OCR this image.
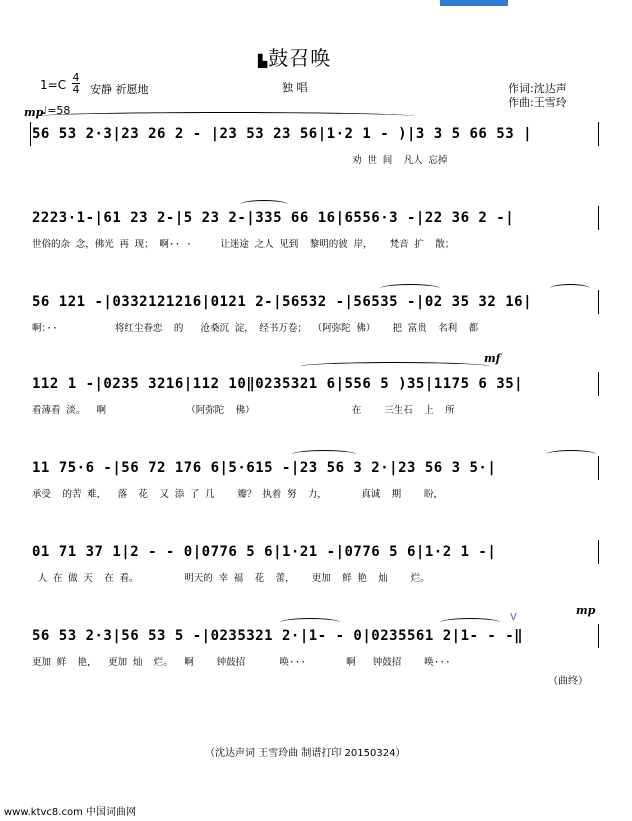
▙鼓召唤
1=C
4
4 安静 祈愿地
mp
♩=58
独 唱	作词:沈达声
作曲:王雪玲
56 53 2·3|23 26 2 - |23 53 23 56|1·2 1 - )|3 3 5 66 53 |
劝 世 间  凡人 忘掉
2223·1-|61 23 2-|5 23 2-|335 66 16|6556·3 -|22 36 2 -|
世俗的杂 念，佛光 再 现； 啊·· ·     让迷途 之人 见到  黎明的彼 岸，   梵音 扩  散；
56 121 -|0332121216|0121 2-|56532 -|56535 -|02 35 32 16|
啊：··          将红尘眷恋  的   沧桑沉 淀， 经书万卷； （阿弥陀 佛）   把 富贵  名利  都
mf
112 1 -|0235 3216|112 10‖0235321 6|556 5 )35|1175 6 35|
看薄看 淡。  啊              （阿弥陀  佛）                 在    三生石  上  所
11 75·6 -|56 72 176 6|5·615 -|23 56 3 2·|23 56 3 5·|
承受  的苦 难，  落  花  又 添 了 几    瓣？ 执着 努  力，      真诚  期    盼，
01 71 37 1|2 - - 0|0776 5 6|1·21 -|0776 5 6|1·2 1 -|
人 在 做 天  在 看。        明天的 幸 福  花  蕾，   更加  鲜 艳  灿    烂。
V
mp
56 53 2·3|56 53 5 -|0235321 2·|1- - 0|0235561 2|1- - -‖
更加 鲜  艳，  更加 灿  烂。  啊    钟鼓招      唤···       啊   钟鼓招    唤···
（曲终）
（沈达声词 王雪玲曲 制谱打印 20150324）
www.ktvc8.com 中国词曲网
